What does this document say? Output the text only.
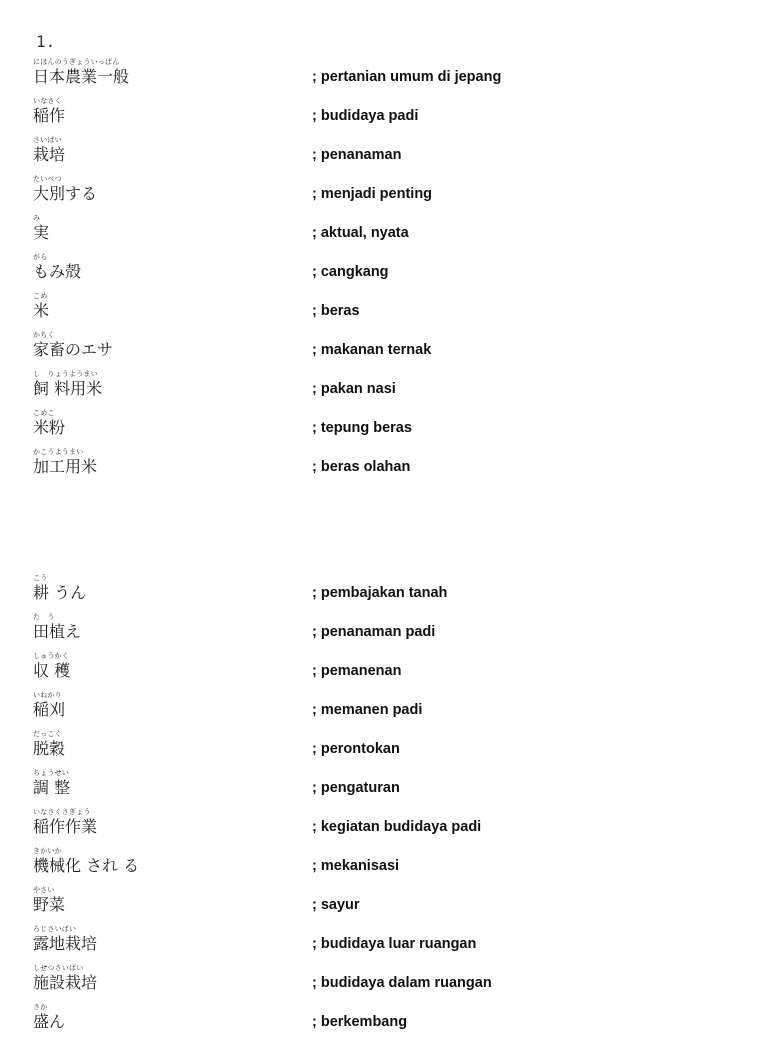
1.
にほんのうぎょういっぱん
日本農業一般	; pertanian umum di jepang
いなさく
稲作	; budidaya padi
さいばい
栽培	; penanaman
たいべつ
大別する	; menjadi penting
み
実	; aktual, nyata
がら
もみ殻	; cangkang
こめ
米	; beras
かちく
家畜のエサ	; makanan ternak
し　りょうようまい
飼 料用米	; pakan nasi
こめこ
米粉	; tepung beras
かこうようまい
加工用米	; beras olahan
こう
耕 うん	; pembajakan tanah
た　う
田植え	; penanaman padi
しゅうかく
収 穫	; pemanenan
いねかり
稲刈	; memanen padi
だっこく
脱穀	; perontokan
ちょうせい
調 整	; pengaturan
いなさくさぎょう
稲作作業	; kegiatan budidaya padi
きかいか
機械化 され る	; mekanisasi
やさい
野菜	; sayur
ろじさいばい
露地栽培	; budidaya luar ruangan
しせつさいばい
施設栽培	; budidaya dalam ruangan
さか
盛ん	; berkembang
